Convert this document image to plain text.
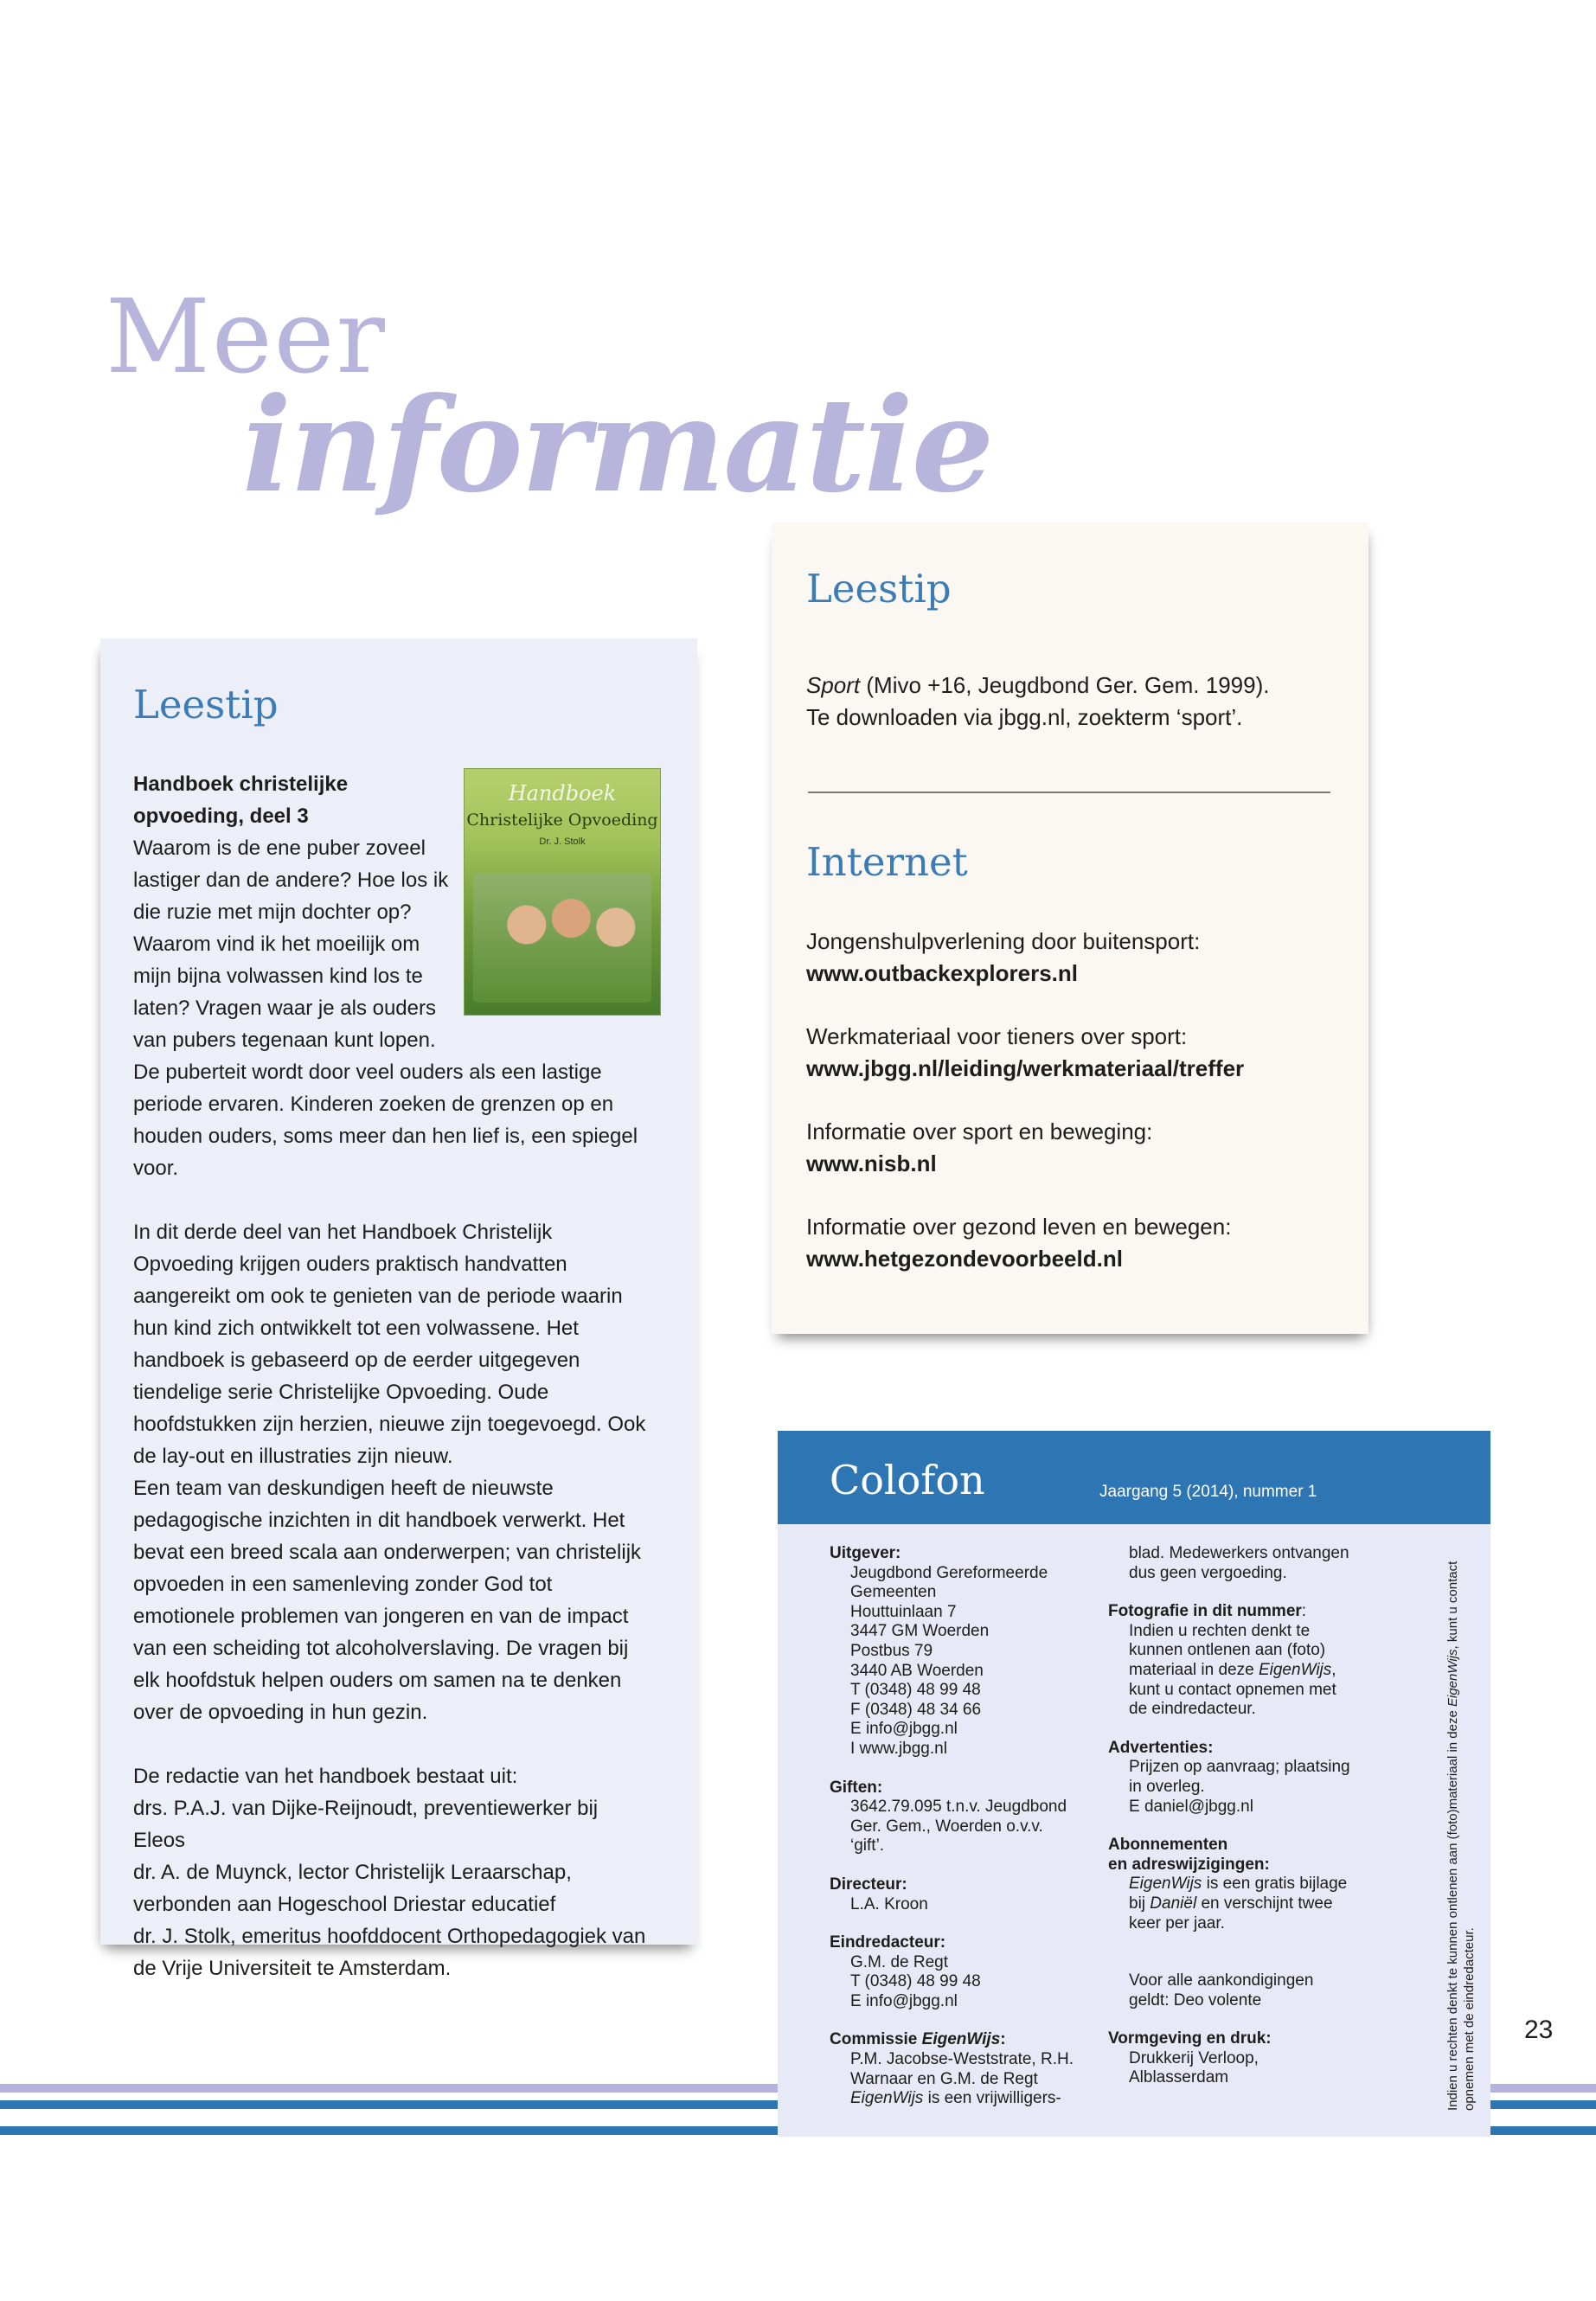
Meer
informatie
Leestip
Handboek christelijke
opvoeding, deel 3
Handboek
Christelijke Opvoeding
Dr. J. Stolk
Waarom is de ene puber zoveel lastiger dan de andere? Hoe los ik die ruzie met mijn dochter op? Waarom vind ik het moeilijk om mijn bijna volwassen kind los te laten? Vragen waar je als ouders van pubers tegenaan kunt lopen.
De puberteit wordt door veel ouders als een lastige periode ervaren. Kinderen zoeken de grenzen op en houden ouders, soms meer dan hen lief is, een spiegel voor.
In dit derde deel van het Handboek Christelijk Opvoeding krijgen ouders praktisch handvatten aangereikt om ook te genieten van de periode waarin hun kind zich ontwikkelt tot een volwassene. Het handboek is gebaseerd op de eerder uitgegeven tiendelige serie Christelijke Opvoeding. Oude hoofdstukken zijn herzien, nieuwe zijn toegevoegd. Ook de lay-out en illustraties zijn nieuw.
Een team van deskundigen heeft de nieuwste pedagogische inzichten in dit handboek verwerkt. Het bevat een breed scala aan onderwerpen; van christelijk opvoeden in een samenleving zonder God tot emotionele problemen van jongeren en van de impact van een scheiding tot alcoholverslaving. De vragen bij elk hoofdstuk helpen ouders om samen na te denken over de opvoeding in hun gezin.
De redactie van het handboek bestaat uit:
drs. P.A.J. van Dijke-Reijnoudt, preventiewerker bij Eleos
dr. A. de Muynck, lector Christelijk Leraarschap, verbonden aan Hogeschool Driestar educatief
dr. J. Stolk, emeritus hoofddocent Orthopedagogiek van de Vrije Universiteit te Amsterdam.
Leestip
Sport (Mivo +16, Jeugdbond Ger. Gem. 1999).
Te downloaden via jbgg.nl, zoekterm ‘sport’.
Internet
Jongenshulpverlening door buitensport:
www.outbackexplorers.nl
Werkmateriaal voor tieners over sport:
www.jbgg.nl/leiding/werkmateriaal/treffer
Informatie over sport en beweging:
www.nisb.nl
Informatie over gezond leven en bewegen:
www.hetgezondevoorbeeld.nl
Colofon	Jaargang 5 (2014), nummer 1
Uitgever:
Jeugdbond Gereformeerde
Gemeenten
Houttuinlaan 7
3447 GM Woerden
Postbus 79
3440 AB Woerden
T (0348) 48 99 48
F (0348) 48 34 66
E info@jbgg.nl
I www.jbgg.nl
Giften:
3642.79.095 t.n.v. Jeugdbond
Ger. Gem., Woerden o.v.v. ‘gift’.
Directeur:
L.A. Kroon
Eindredacteur:
G.M. de Regt
T (0348) 48 99 48
E info@jbgg.nl
Commissie EigenWijs:
P.M. Jacobse-Weststrate, R.H.
Warnaar en G.M. de Regt
EigenWijs is een vrijwilligers-
blad. Medewerkers ontvangen
dus geen vergoeding.
Fotografie in dit nummer:
Indien u rechten denkt te
kunnen ontlenen aan (foto)
materiaal in deze EigenWijs,
kunt u contact opnemen met
de eindredacteur.
Advertenties:
Prijzen op aanvraag; plaatsing
in overleg.
E daniel@jbgg.nl
Abonnementen
en adreswijzigingen:
EigenWijs is een gratis bijlage
bij Daniël en verschijnt twee
keer per jaar.
Voor alle aankondigingen
geldt: Deo volente
Vormgeving en druk:
Drukkerij Verloop,
Alblasserdam	Indien u rechten denkt te kunnen ontlenen aan (foto)materiaal in deze EigenWijs, kunt u contact opnemen met de eindredacteur. 23
